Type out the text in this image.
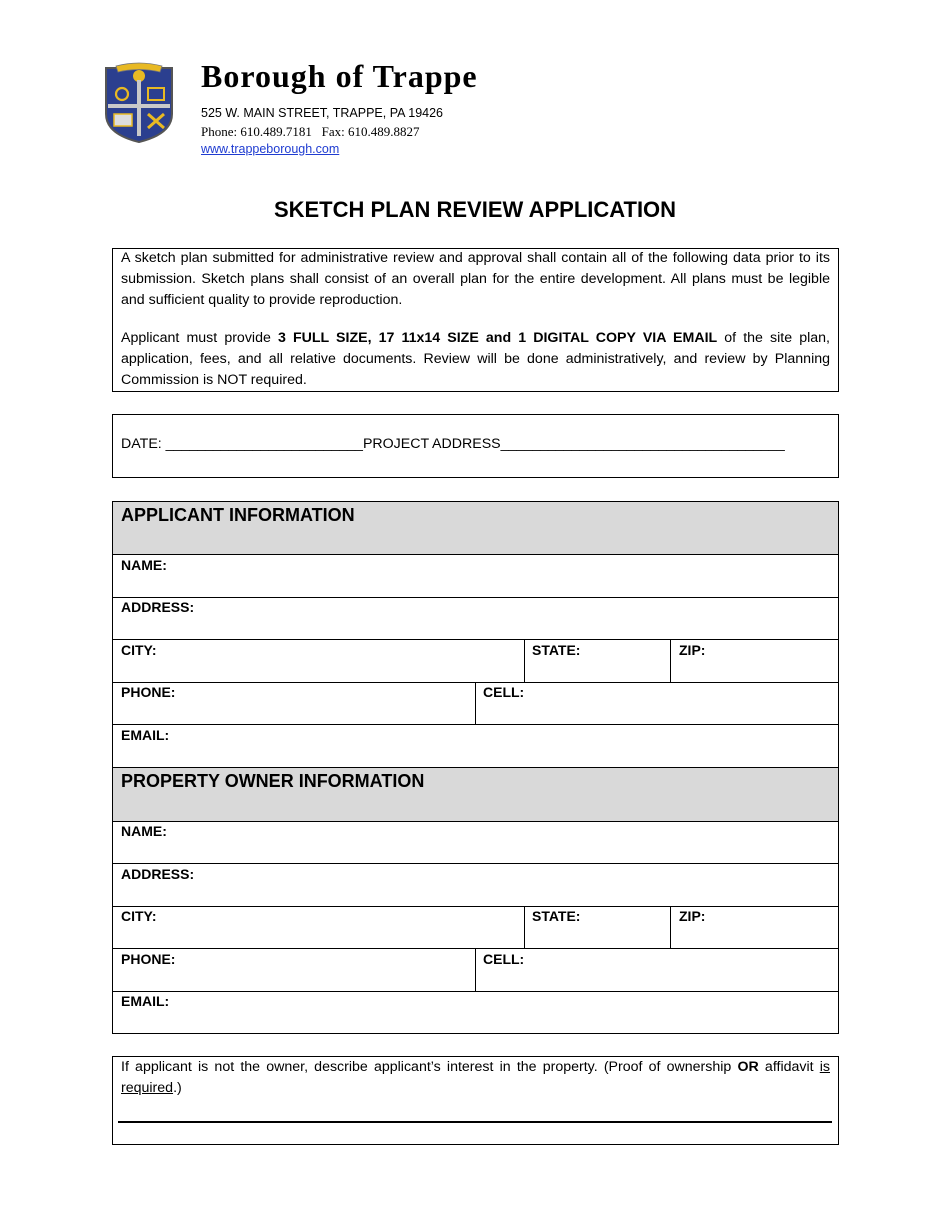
Borough of Trappe
525 W. MAIN STREET, TRAPPE, PA 19426
Phone: 610.489.7181 Fax: 610.489.8827
www.trappeborough.com
SKETCH PLAN REVIEW APPLICATION
A sketch plan submitted for administrative review and approval shall contain all of the following data prior to its submission. Sketch plans shall consist of an overall plan for the entire development. All plans must be legible and sufficient quality to provide reproduction.
Applicant must provide 3 FULL SIZE, 17 11x14 SIZE and 1 DIGITAL COPY VIA EMAIL of the site plan, application, fees, and all relative documents. Review will be done administratively, and review by Planning Commission is NOT required.
DATE: _________________________PROJECT ADDRESS____________________________________
APPLICANT INFORMATION
NAME:
ADDRESS:
CITY:	STATE:	ZIP:
PHONE:	CELL:
EMAIL:
PROPERTY OWNER INFORMATION
NAME:
ADDRESS:
CITY:	STATE:	ZIP:
PHONE:	CELL:
EMAIL:
If applicant is not the owner, describe applicant’s interest in the property. (Proof of ownership OR affidavit is required.)
